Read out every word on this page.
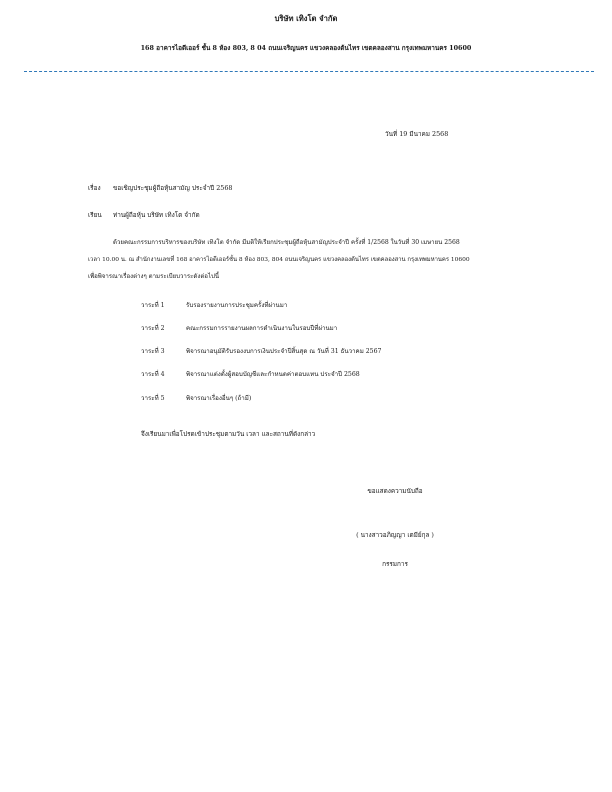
บริษัท เทิงโต จำกัด
168 อาคารไอดีเออร์ ชั้น 8 ห้อง 803, 8 04 ถนนเจริญนคร แขวงคลองต้นไทร เขตคลองสาน กรุงเทพมหานคร 10600
วันที่ 19 มีนาคม 2568
เรื่อง ขอเชิญประชุมผู้ถือหุ้นสามัญ ประจำปี 2568
เรียน ท่านผู้ถือหุ้น บริษัท เทิงโต จำกัด
ด้วยคณะกรรมการบริหารของบริษัท เทิงโต จำกัด มีมติให้เรียกประชุมผู้ถือหุ้นสามัญประจำปี ครั้งที่ 1/2568 ในวันที่ 30 เมษายน 2568
เวลา 10.00 น. ณ สำนักงานเลขที่ 168 อาคารไอดีเออร์ชั้น 8 ห้อง 803, 804 ถนนเจริญนคร แขวงคลองต้นไทร เขตคลองสาน กรุงเทพมหานคร 10600
เพื่อพิจารณาเรื่องต่างๆ ตามระเบียบวาระดังต่อไปนี้
วาระที่ 1	รับรองรายงานการประชุมครั้งที่ผ่านมา
วาระที่ 2	คณะกรรมการรายงานผลการดำเนินงานในรอบปีที่ผ่านมา
วาระที่ 3	พิจารณาอนุมัติรับรองงบการเงินประจำปีสิ้นสุด ณ วันที่ 31 ธันวาคม 2567
วาระที่ 4	พิจารณาแต่งตั้งผู้สอบบัญชีและกำหนดค่าตอบแทน ประจำปี 2568
วาระที่ 5	พิจารณาเรื่องอื่นๆ (ถ้ามี)
จึงเรียนมาเพื่อโปรดเข้าประชุมตามวัน เวลา และสถานที่ดังกล่าว
ขอแสดงความนับถือ
( นางสาวอภิญญา เตมีย์กุล )
กรรมการ
